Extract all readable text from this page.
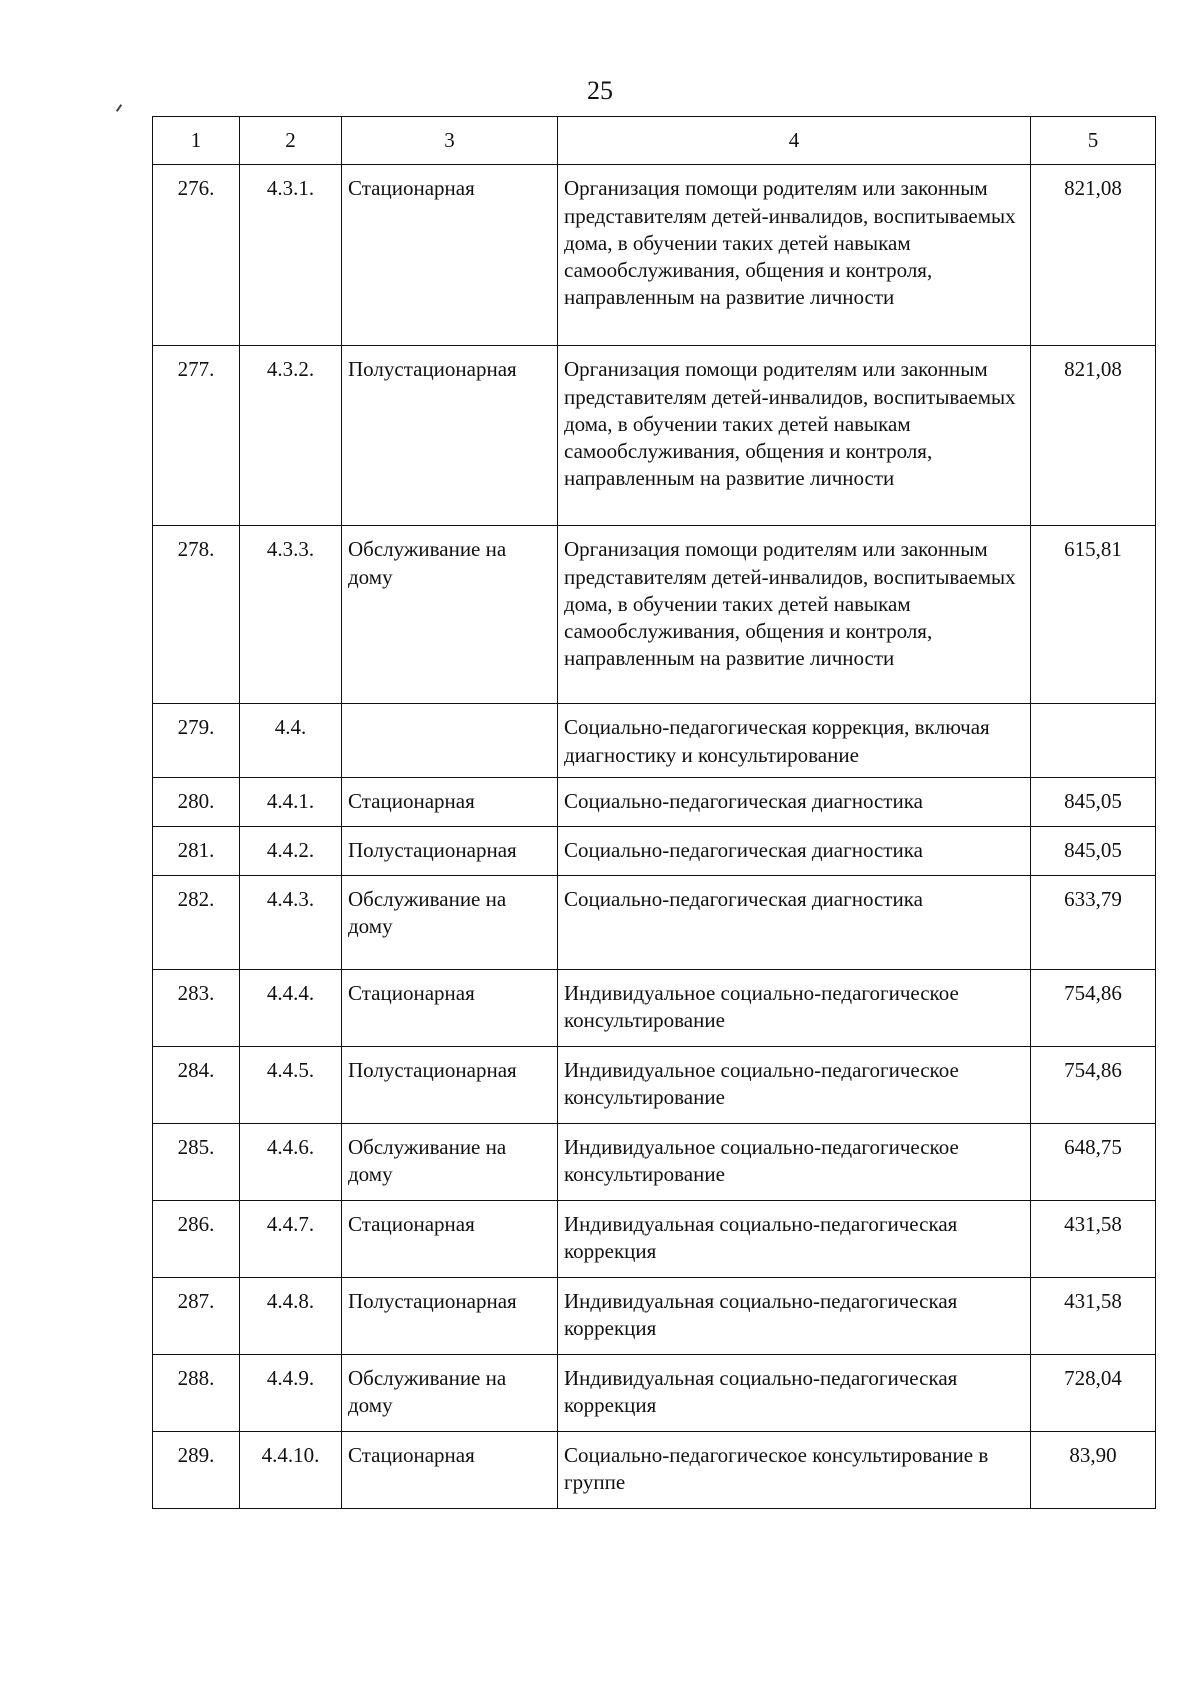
25
1	2	3	4	5
276.	4.3.1.	Стационарная	Организация помощи родителям или законным представителям детей-инвалидов, воспитываемых дома, в обучении таких детей навыкам самообслуживания, общения и контроля, направленным на развитие личности	821,08
277.	4.3.2.	Полустационарная	Организация помощи родителям или законным представителям детей-инвалидов, воспитываемых дома, в обучении таких детей навыкам самообслуживания, общения и контроля, направленным на развитие личности	821,08
278.	4.3.3.	Обслуживание на дому	Организация помощи родителям или законным представителям детей-инвалидов, воспитываемых дома, в обучении таких детей навыкам самообслуживания, общения и контроля, направленным на развитие личности	615,81
279.	4.4.		Социально-педагогическая коррекция, включая диагностику и консультирование	
280.	4.4.1.	Стационарная	Социально-педагогическая диагностика	845,05
281.	4.4.2.	Полустационарная	Социально-педагогическая диагностика	845,05
282.	4.4.3.	Обслуживание на дому	Социально-педагогическая диагностика	633,79
283.	4.4.4.	Стационарная	Индивидуальное социально-педагогическое консультирование	754,86
284.	4.4.5.	Полустационарная	Индивидуальное социально-педагогическое консультирование	754,86
285.	4.4.6.	Обслуживание на дому	Индивидуальное социально-педагогическое консультирование	648,75
286.	4.4.7.	Стационарная	Индивидуальная социально-педагогическая коррекция	431,58
287.	4.4.8.	Полустационарная	Индивидуальная социально-педагогическая коррекция	431,58
288.	4.4.9.	Обслуживание на дому	Индивидуальная социально-педагогическая коррекция	728,04
289.	4.4.10.	Стационарная	Социально-педагогическое консультирование в группе	83,90
